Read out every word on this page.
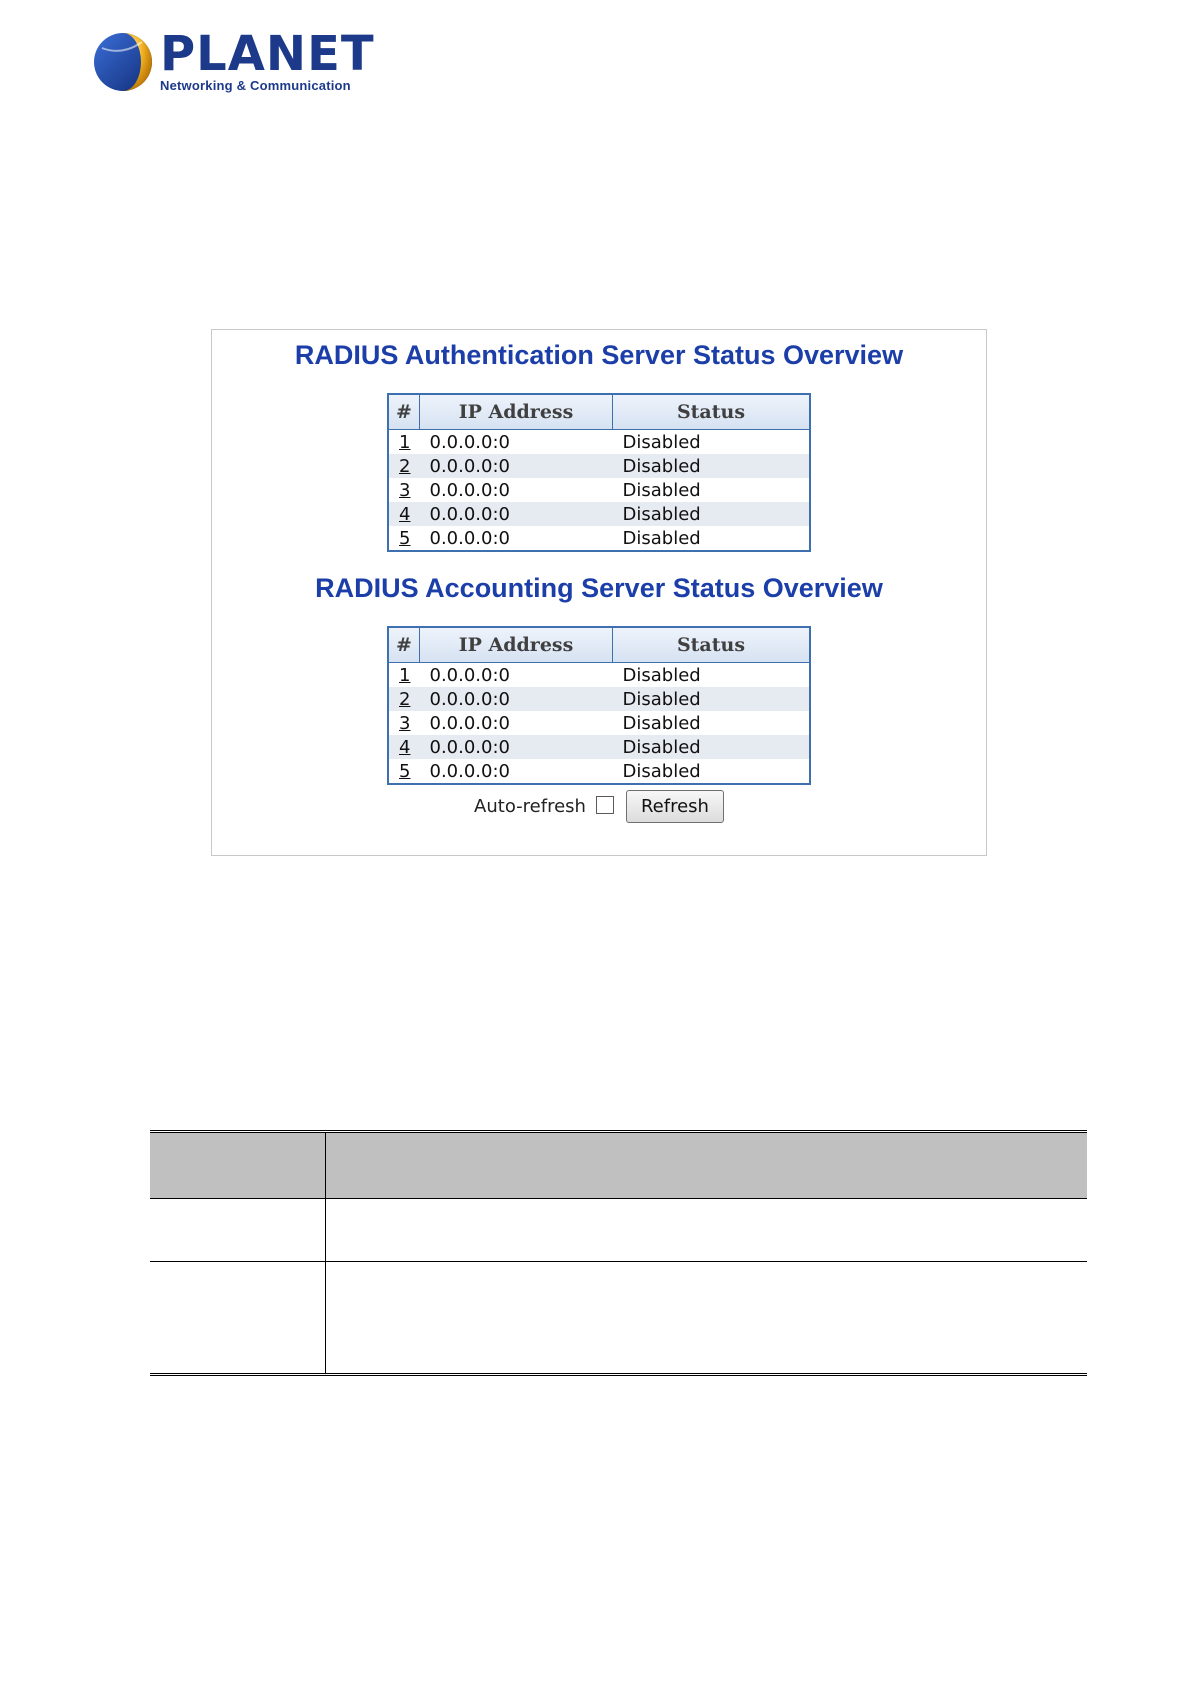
PLANET
Networking & Communication
RADIUS Authentication Server Status Overview
#	IP Address	Status
1	0.0.0.0:0	Disabled
2	0.0.0.0:0	Disabled
3	0.0.0.0:0	Disabled
4	0.0.0.0:0	Disabled
5	0.0.0.0:0	Disabled
RADIUS Accounting Server Status Overview
#	IP Address	Status
1	0.0.0.0:0	Disabled
2	0.0.0.0:0	Disabled
3	0.0.0.0:0	Disabled
4	0.0.0.0:0	Disabled
5	0.0.0.0:0	Disabled
Auto-refresh	Refresh
